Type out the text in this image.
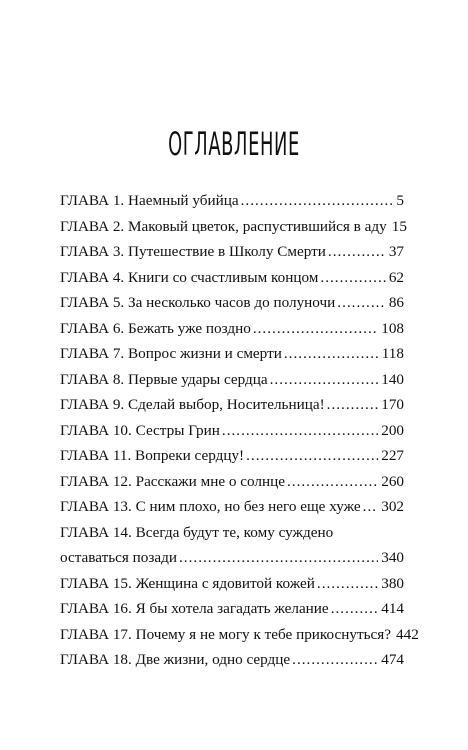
ОГЛАВЛЕНИЕ
ГЛАВА 1. Наемный убийца .....	5
ГЛАВА 2. Маковый цветок, распустившийся в аду 15
ГЛАВА 3. Путешествие в Школу Смерти .....	37
ГЛАВА 4. Книги со счастливым концом .....	62
ГЛАВА 5. За несколько часов до полуночи .....	86
ГЛАВА 6. Бежать уже поздно .....	108
ГЛАВА 7. Вопрос жизни и смерти .....	118
ГЛАВА 8. Первые удары сердца .....	140
ГЛАВА 9. Сделай выбор, Носительница! .....	170
ГЛАВА 10. Сестры Грин .....	200
ГЛАВА 11. Вопреки сердцу! .....	227
ГЛАВА 12. Расскажи мне о солнце .....	260
ГЛАВА 13. С ним плохо, но без него еще хуже ..... 302
ГЛАВА 14. Всегда будут те, кому суждено
оставаться позади .....	340
ГЛАВА 15. Женщина с ядовитой кожей .....	380
ГЛАВА 16. Я бы хотела загадать желание .....	414
ГЛАВА 17. Почему я не могу к тебе прикоснуться? 442
ГЛАВА 18. Две жизни, одно сердце .....	474
